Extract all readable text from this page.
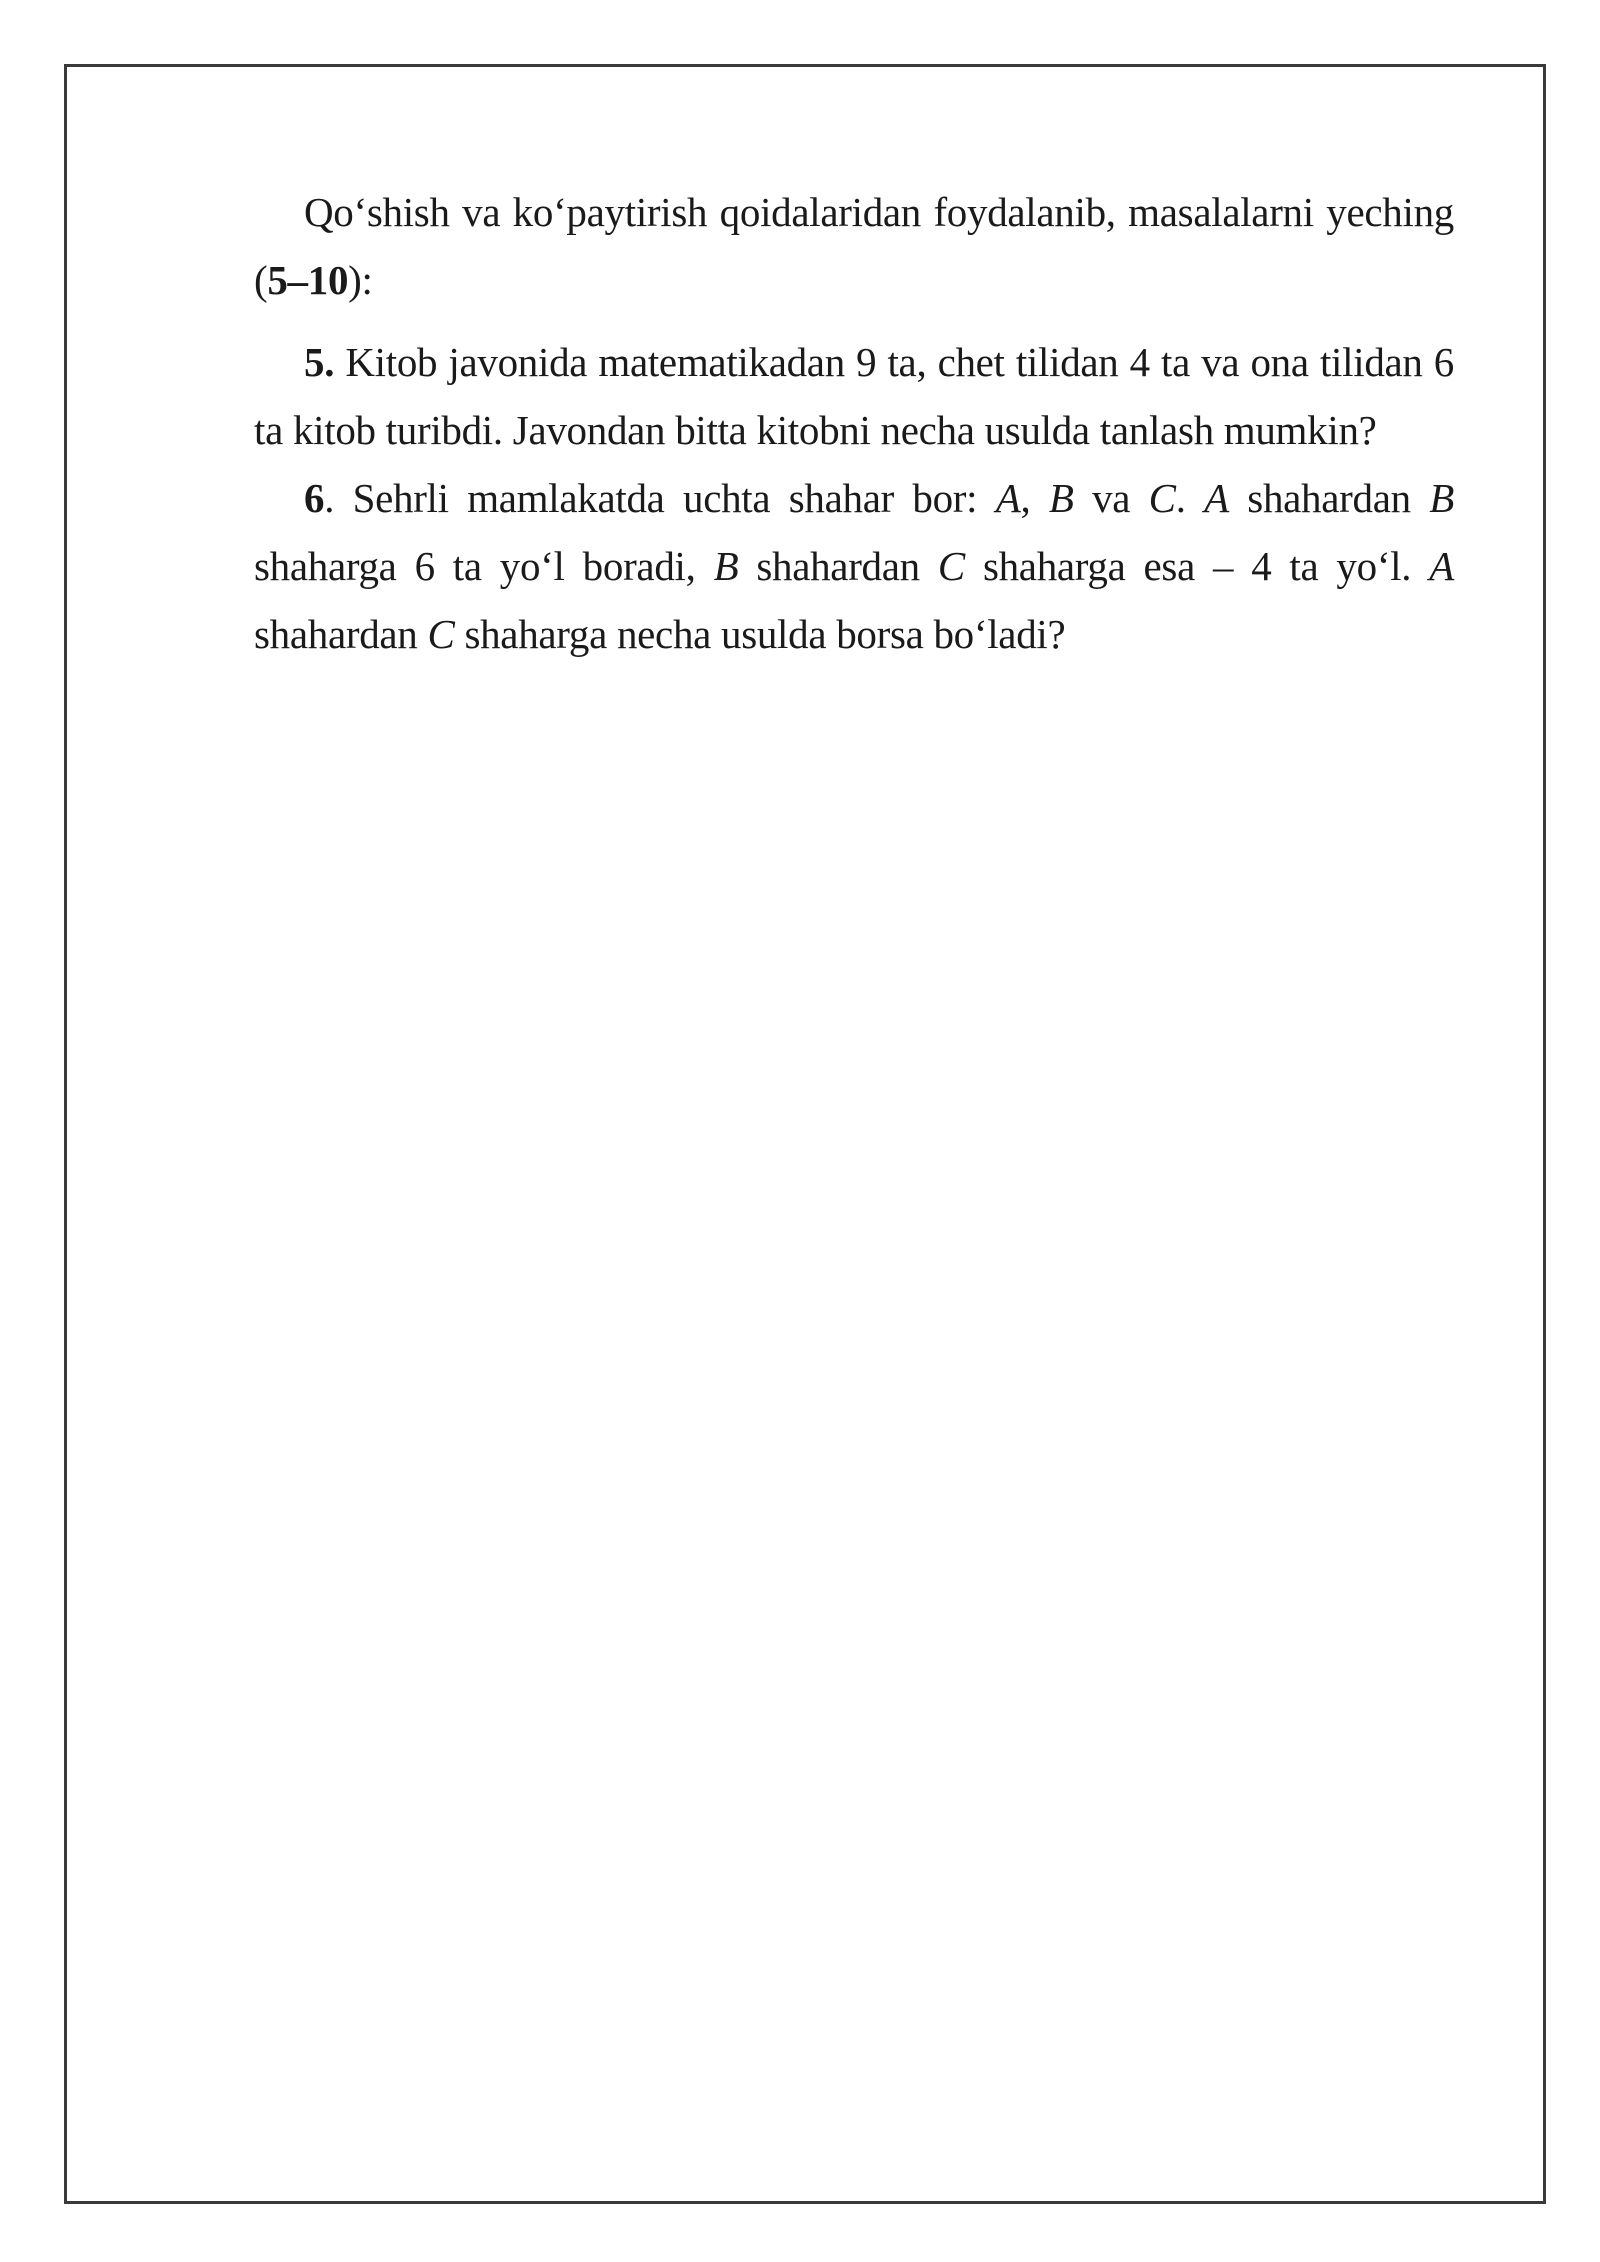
Qo‘shish va ko‘paytirish qoidalaridan foydalanib, masalalarni yeching (5–10):

5. Kitob javonida matematikadan 9 ta, chet tilidan 4 ta va ona tilidan 6 ta kitob turibdi. Javondan bitta kitobni necha usulda tanlash mumkin?

6. Sehrli mamlakatda uchta shahar bor: A, B va C. A shahardan B shaharga 6 ta yo‘l boradi, B shahardan C shaharga esa – 4 ta yo‘l. A shahardan C shaharga necha usulda borsa bo‘ladi?
